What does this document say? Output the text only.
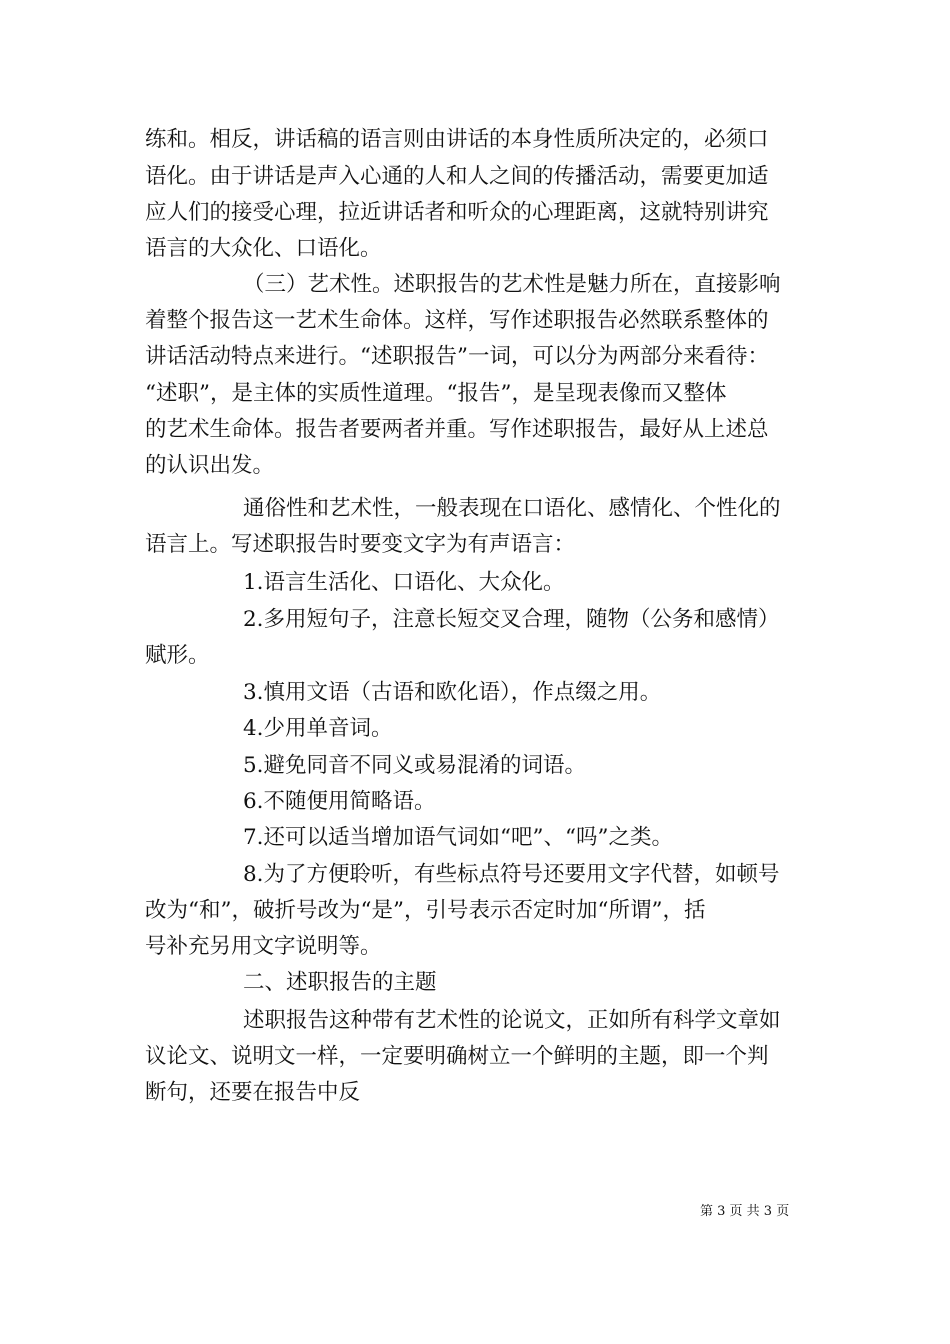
练和。相反，讲话稿的语言则由讲话的本身性质所决定的，必须口
语化。由于讲话是声入心通的人和人之间的传播活动，需要更加适
应人们的接受心理，拉近讲话者和听众的心理距离，这就特别讲究
语言的大众化、口语化。
（三）艺术性。述职报告的艺术性是魅力所在，直接影响
着整个报告这一艺术生命体。这样，写作述职报告必然联系整体的
讲话活动特点来进行。“述职报告”一词，可以分为两部分来看待：
“述职”，是主体的实质性道理。“报告”，是呈现表像而又整体
的艺术生命体。报告者要两者并重。写作述职报告，最好从上述总
的认识出发。
通俗性和艺术性，一般表现在口语化、感情化、个性化的
语言上。写述职报告时要变文字为有声语言：
1.语言生活化、口语化、大众化。
2.多用短句子，注意长短交叉合理，随物（公务和感情）
赋形。
3.慎用文语（古语和欧化语），作点缀之用。
4.少用单音词。
5.避免同音不同义或易混淆的词语。
6.不随便用简略语。
7.还可以适当增加语气词如“吧”、“吗”之类。
8.为了方便聆听，有些标点符号还要用文字代替，如顿号
改为“和”，破折号改为“是”，引号表示否定时加“所谓”，括
号补充另用文字说明等。
二、述职报告的主题
述职报告这种带有艺术性的论说文，正如所有科学文章如
议论文、说明文一样，一定要明确树立一个鲜明的主题，即一个判
断句，还要在报告中反
第 3 页 共 3 页
